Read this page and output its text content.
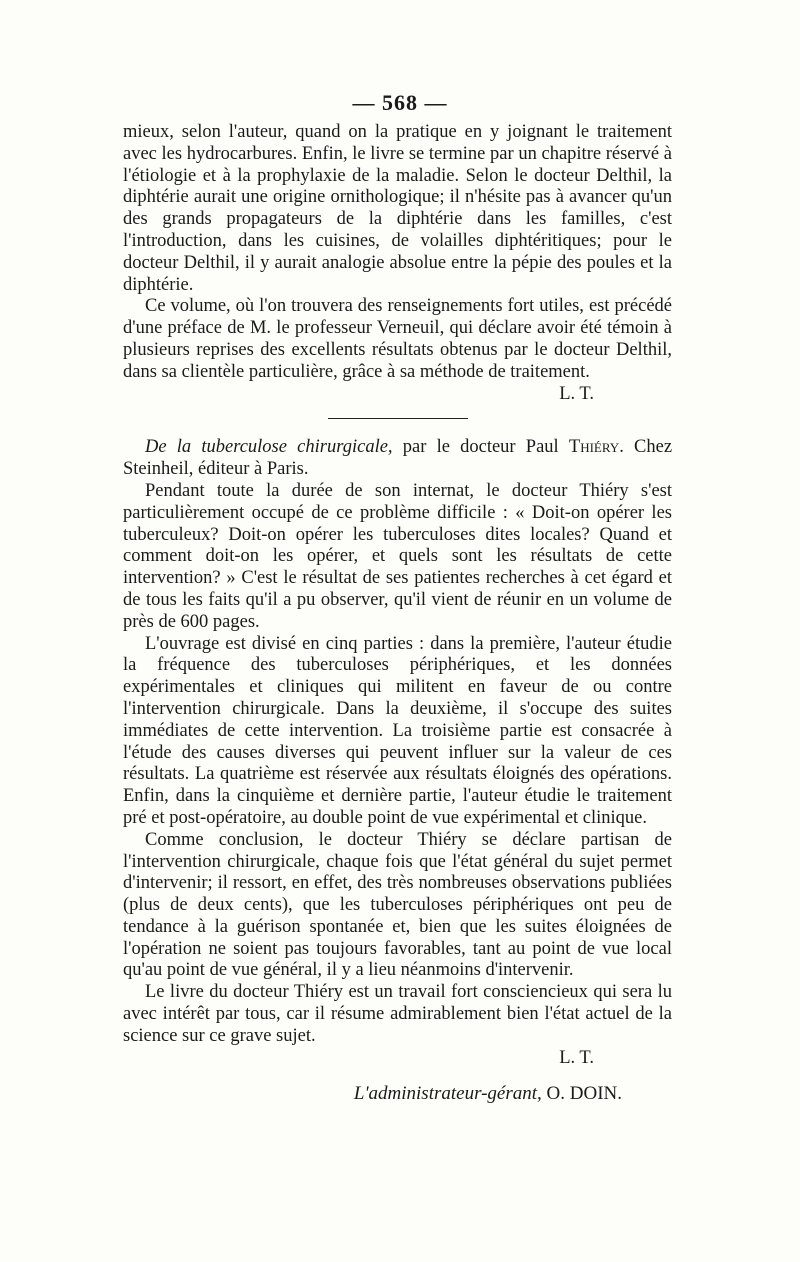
— 568 —

mieux, selon l'auteur, quand on la pratique en y joignant le traitement avec les hydrocarbures. Enfin, le livre se termine par un chapitre réservé à l'étiologie et à la prophylaxie de la maladie. Selon le docteur Delthil, la diphtérie aurait une origine ornithologique; il n'hésite pas à avancer qu'un des grands propagateurs de la diphtérie dans les familles, c'est l'introduction, dans les cuisines, de volailles diphtéritiques; pour le docteur Delthil, il y aurait analogie absolue entre la pépie des poules et la diphtérie.

Ce volume, où l'on trouvera des renseignements fort utiles, est précédé d'une préface de M. le professeur Verneuil, qui déclare avoir été témoin à plusieurs reprises des excellents résultats obtenus par le docteur Delthil, dans sa clientèle particulière, grâce à sa méthode de traitement.

L. T.

De la tuberculose chirurgicale, par le docteur Paul Thiéry. Chez Steinheil, éditeur à Paris.

Pendant toute la durée de son internat, le docteur Thiéry s'est particulièrement occupé de ce problème difficile : « Doit-on opérer les tuberculeux? Doit-on opérer les tuberculoses dites locales? Quand et comment doit-on les opérer, et quels sont les résultats de cette intervention? » C'est le résultat de ses patientes recherches à cet égard et de tous les faits qu'il a pu observer, qu'il vient de réunir en un volume de près de 600 pages.

L'ouvrage est divisé en cinq parties : dans la première, l'auteur étudie la fréquence des tuberculoses périphériques, et les données expérimentales et cliniques qui militent en faveur de ou contre l'intervention chirurgicale. Dans la deuxième, il s'occupe des suites immédiates de cette intervention. La troisième partie est consacrée à l'étude des causes diverses qui peuvent influer sur la valeur de ces résultats. La quatrième est réservée aux résultats éloignés des opérations. Enfin, dans la cinquième et dernière partie, l'auteur étudie le traitement pré et post-opératoire, au double point de vue expérimental et clinique.

Comme conclusion, le docteur Thiéry se déclare partisan de l'intervention chirurgicale, chaque fois que l'état général du sujet permet d'intervenir; il ressort, en effet, des très nombreuses observations publiées (plus de deux cents), que les tuberculoses périphériques ont peu de tendance à la guérison spontanée et, bien que les suites éloignées de l'opération ne soient pas toujours favorables, tant au point de vue local qu'au point de vue général, il y a lieu néanmoins d'intervenir.

Le livre du docteur Thiéry est un travail fort consciencieux qui sera lu avec intérêt par tous, car il résume admirablement bien l'état actuel de la science sur ce grave sujet.

L. T.

L'administrateur-gérant, O. DOIN.
